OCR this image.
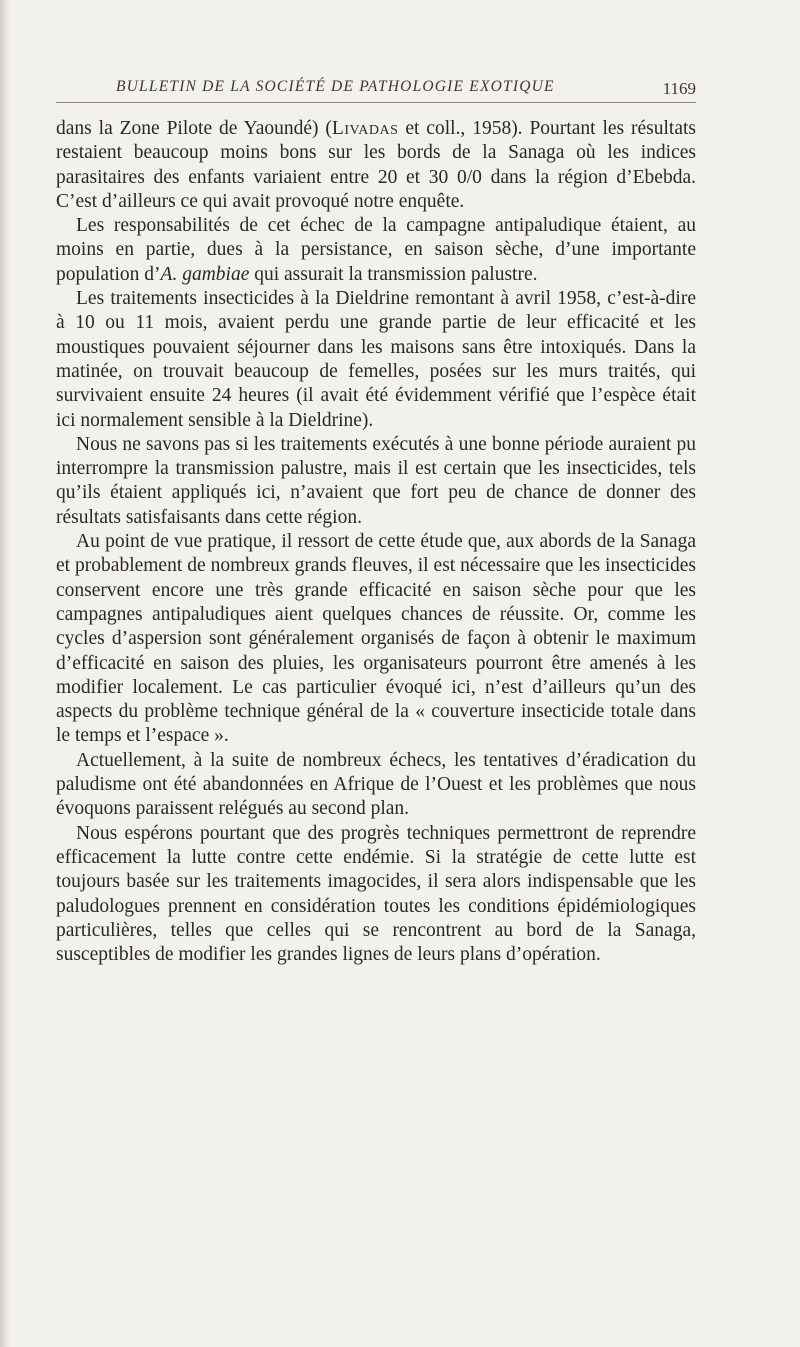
BULLETIN DE LA SOCIÉTÉ DE PATHOLOGIE EXOTIQUE	1169

dans la Zone Pilote de Yaoundé) (Livadas et coll., 1958). Pourtant les résultats restaient beaucoup moins bons sur les bords de la Sanaga où les indices parasitaires des enfants variaient entre 20 et 30 0/0 dans la région d’Ebebda. C’est d’ailleurs ce qui avait provoqué notre enquête.

Les responsabilités de cet échec de la campagne antipaludique étaient, au moins en partie, dues à la persistance, en saison sèche, d’une importante population d’A. gambiae qui assurait la transmission palustre.

Les traitements insecticides à la Dieldrine remontant à avril 1958, c’est-à-dire à 10 ou 11 mois, avaient perdu une grande partie de leur efficacité et les moustiques pouvaient séjourner dans les maisons sans être intoxiqués. Dans la matinée, on trouvait beaucoup de femelles, posées sur les murs traités, qui survivaient ensuite 24 heures (il avait été évidemment vérifié que l’espèce était ici normalement sensible à la Dieldrine).

Nous ne savons pas si les traitements exécutés à une bonne période auraient pu interrompre la transmission palustre, mais il est certain que les insecticides, tels qu’ils étaient appliqués ici, n’avaient que fort peu de chance de donner des résultats satisfaisants dans cette région.

Au point de vue pratique, il ressort de cette étude que, aux abords de la Sanaga et probablement de nombreux grands fleuves, il est nécessaire que les insecticides conservent encore une très grande efficacité en saison sèche pour que les campagnes antipaludiques aient quelques chances de réussite. Or, comme les cycles d’aspersion sont généralement organisés de façon à obtenir le maximum d’efficacité en saison des pluies, les organisateurs pourront être amenés à les modifier localement. Le cas particulier évoqué ici, n’est d’ailleurs qu’un des aspects du problème technique général de la « couverture insecticide totale dans le temps et l’espace ».

Actuellement, à la suite de nombreux échecs, les tentatives d’éradication du paludisme ont été abandonnées en Afrique de l’Ouest et les problèmes que nous évoquons paraissent relégués au second plan.

Nous espérons pourtant que des progrès techniques permettront de reprendre efficacement la lutte contre cette endémie. Si la stratégie de cette lutte est toujours basée sur les traitements imagocides, il sera alors indispensable que les paludologues prennent en considération toutes les conditions épidémiologiques particulières, telles que celles qui se rencontrent au bord de la Sanaga, susceptibles de modifier les grandes lignes de leurs plans d’opération.
